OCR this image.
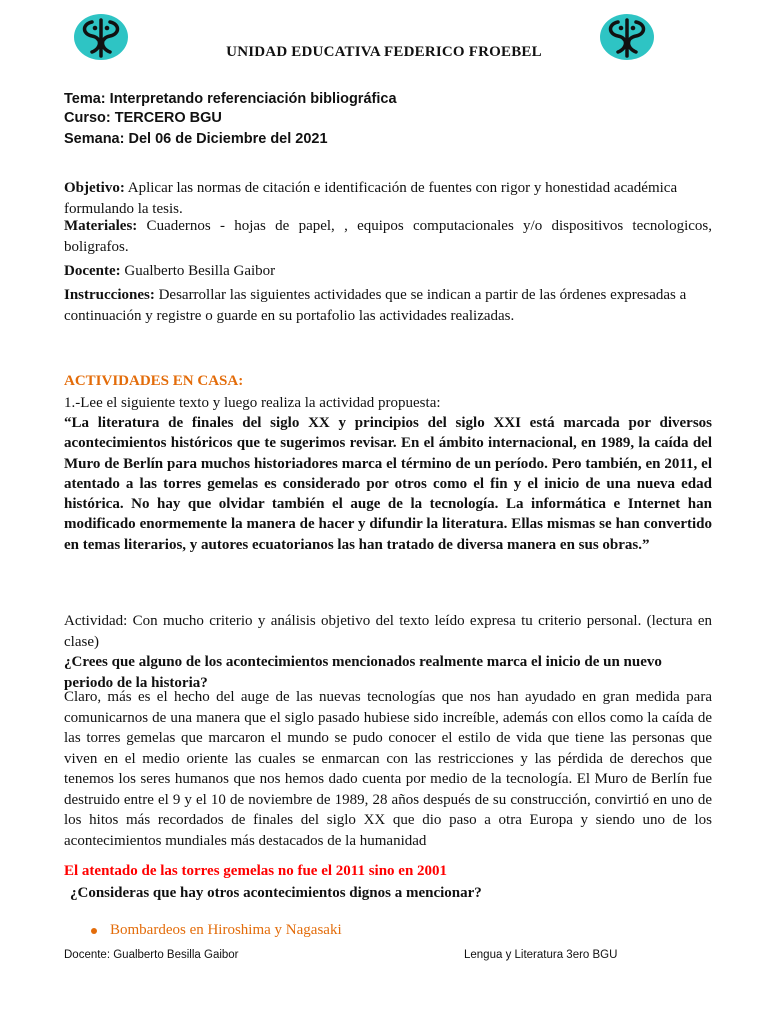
UNIDAD EDUCATIVA FEDERICO FROEBEL
Tema: Interpretando referenciación bibliográfica
Curso: TERCERO BGU
Semana: Del 06 de Diciembre del 2021
Objetivo: Aplicar las normas de citación e identificación de fuentes con rigor y honestidad académica formulando la tesis.
Materiales: Cuadernos - hojas de papel, , equipos computacionales y/o dispositivos tecnologicos, boligrafos.
Docente: Gualberto Besilla Gaibor
Instrucciones: Desarrollar las siguientes actividades que se indican a partir de las órdenes expresadas a continuación y registre o guarde en su portafolio las actividades realizadas.
ACTIVIDADES EN CASA:
1.-Lee el siguiente texto y luego realiza la actividad propuesta:
“La literatura de finales del siglo XX y principios del siglo XXI está marcada por diversos acontecimientos históricos que te sugerimos revisar. En el ámbito internacional, en 1989, la caída del Muro de Berlín para muchos historiadores marca el término de un período. Pero también, en 2011, el atentado a las torres gemelas es considerado por otros como el fin y el inicio de una nueva edad histórica. No hay que olvidar también el auge de la tecnología. La informática e Internet han modificado enormemente la manera de hacer y difundir la literatura. Ellas mismas se han convertido en temas literarios, y autores ecuatorianos las han tratado de diversa manera en sus obras.”
Actividad: Con mucho criterio y análisis objetivo del texto leído expresa tu criterio personal. (lectura en clase)
¿Crees que alguno de los acontecimientos mencionados realmente marca el inicio de un nuevo periodo de la historia?
Claro, más es el hecho del auge de las nuevas tecnologías que nos han ayudado en gran medida para comunicarnos de una manera que el siglo pasado hubiese sido increíble, además con ellos como la caída de las torres gemelas que marcaron el mundo se pudo conocer el estilo de vida que tiene las personas que viven en el medio oriente las cuales se enmarcan con las restricciones y las pérdida de derechos que tenemos los seres humanos que nos hemos dado cuenta por medio de la tecnología. El Muro de Berlín fue destruido entre el 9 y el 10 de noviembre de 1989, 28 años después de su construcción, convirtió en uno de los hitos más recordados de finales del siglo XX que dio paso a otra Europa y siendo uno de los acontecimientos mundiales más destacados de la humanidad
El atentado de las torres gemelas no fue el 2011 sino en 2001
¿Consideras que hay otros acontecimientos dignos a mencionar?
Bombardeos en Hiroshima y Nagasaki
Docente: Gualberto Besilla Gaibor	Lengua y Literatura 3ero BGU
